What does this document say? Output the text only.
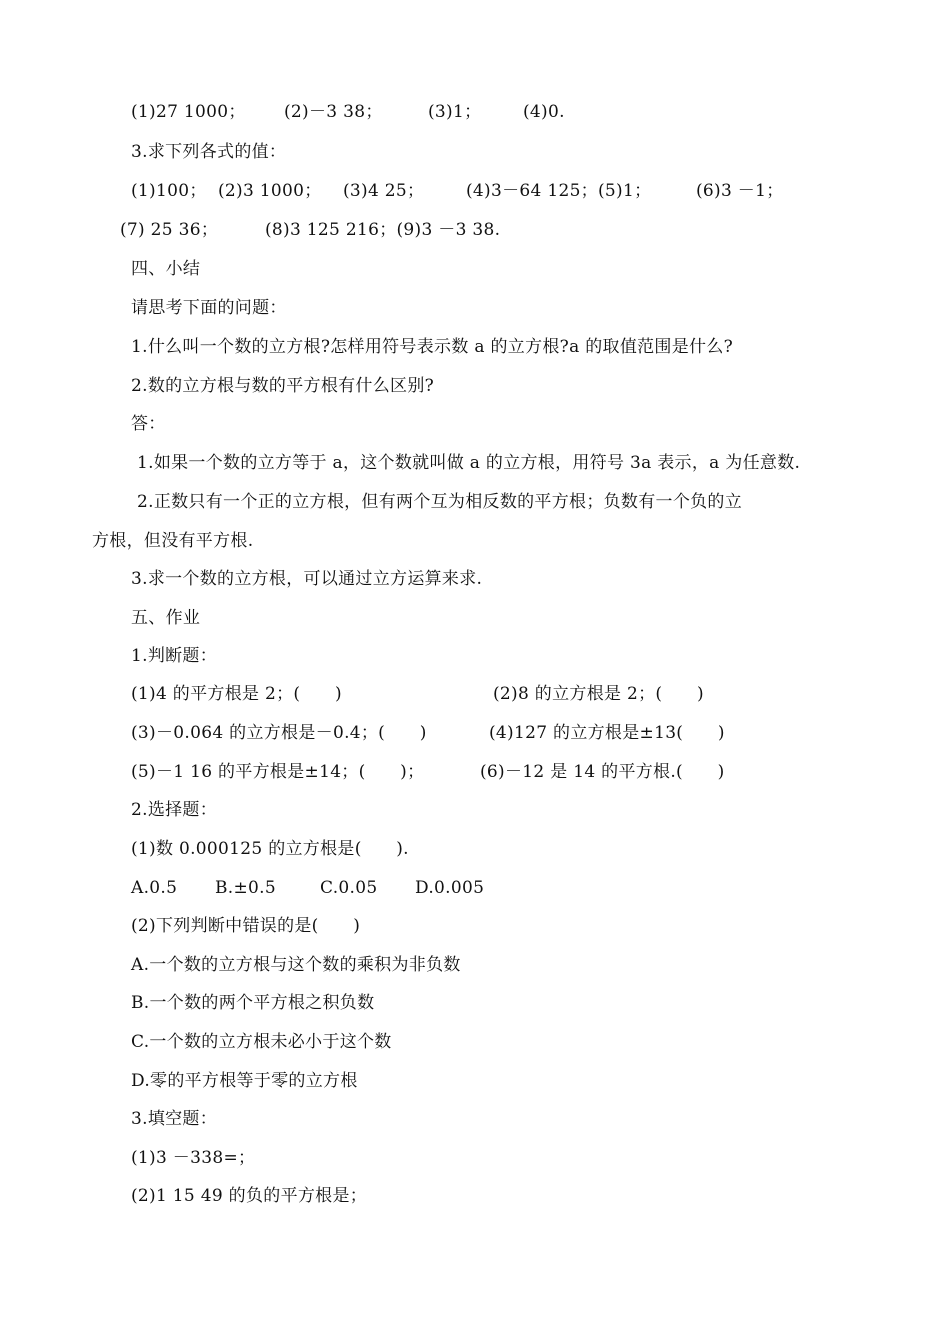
(1)27 1000；

(2)－3 38；

	(3)1；

(4)0.

3.求下列各式的值：

(1)100；

(2)3 1000；

(3)4 25；

(4)3－64 125；(5)1；

	(6)3 －1；

(7) 25 36；

	(8)3 125 216；(9)3 －3 38.

四、小结
请思考下面的问题：
1.什么叫一个数的立方根?怎样用符号表示数 a 的立方根?a 的取值范围是什么?
2.数的立方根与数的平方根有什么区别?
答：
1.如果一个数的立方等于 a，这个数就叫做 a 的立方根，用符号 3a 表示，a 为任意数.
2.正数只有一个正的立方根，但有两个互为相反数的平方根；负数有一个负的立
方根，但没有平方根.
3.求一个数的立方根，可以通过立方运算来求.
五、作业
1.判断题：

(1)4 的平方根是 2；(　　)

	(2)8 的立方根是 2；(　　)

(3)－0.064 的立方根是－0.4；(　　)

	(4)127 的立方根是±13(　　)

(5)－1 16 的平方根是±14；(　　)；

	(6)－12 是 14 的平方根.(　　)

2.选择题：
(1)数 0.000125 的立方根是(　　).

A.0.5

B.±0.5

	C.0.05

D.0.005

(2)下列判断中错误的是(　　)
A.一个数的立方根与这个数的乘积为非负数
B.一个数的两个平方根之积负数
C.一个数的立方根未必小于这个数
D.零的平方根等于零的立方根
3.填空题：
(1)3 －338=；
(2)1 15 49 的负的平方根是；
